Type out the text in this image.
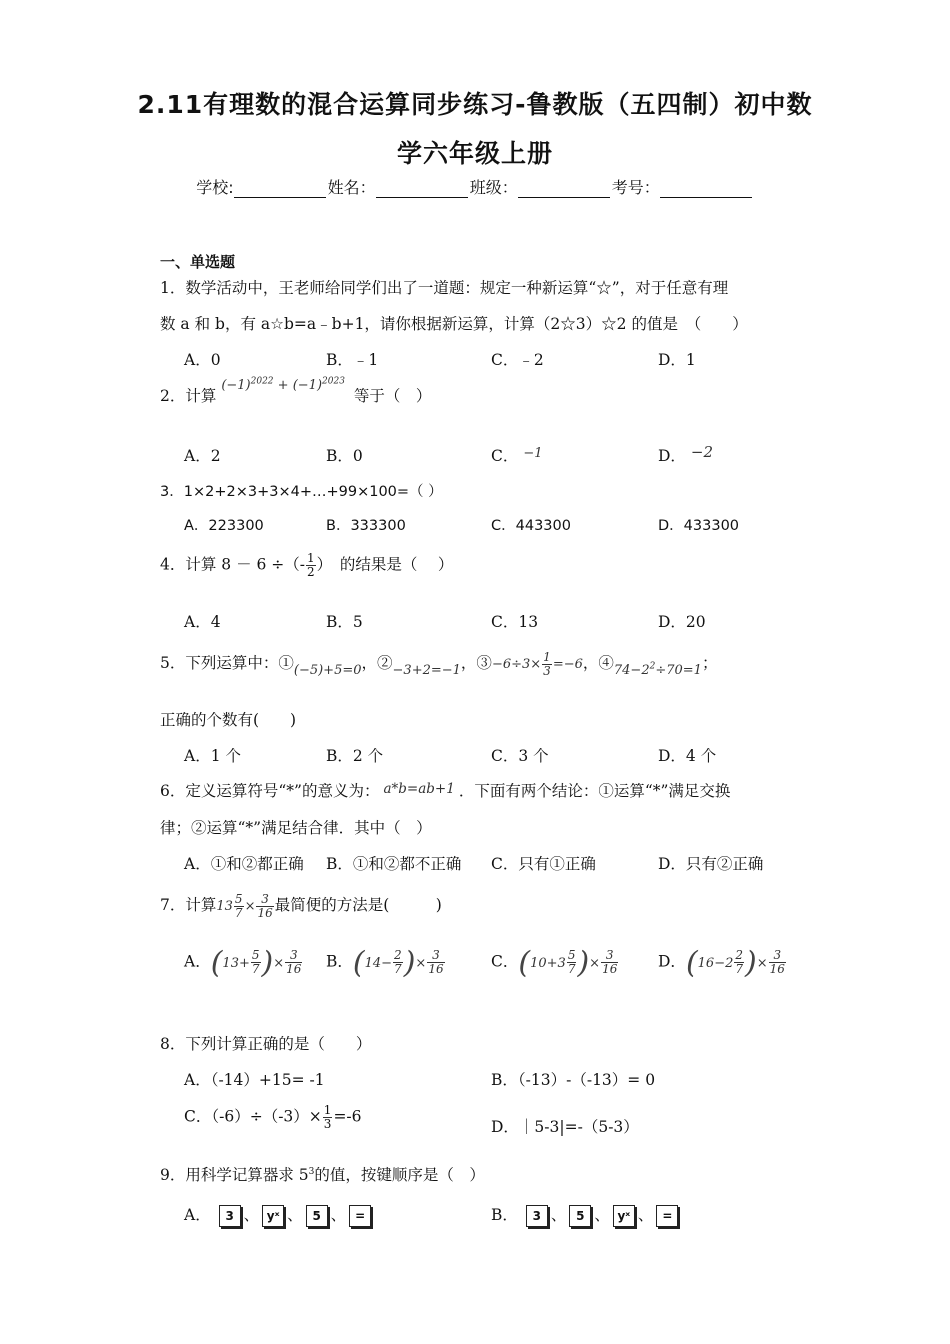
2.11有理数的混合运算同步练习-鲁教版（五四制）初中数
学六年级上册
学校:	姓名：	班级：	考号：
一、单选题
1．数学活动中，王老师给同学们出了一道题：规定一种新运算“☆”，对于任意有理
数 a 和 b，有 a☆b=a﹣b+1，请你根据新运算，计算（2☆3）☆2 的值是　（　　）
A．0	B．﹣1	C．﹣2	D．1
2．计算 $^{(-1)^{2022} + (-1)^{2023}}$ 等于（　）
A．2	B．0	C． $^{-1}$	D． −2
3．1×2+2×3+3×4+…+99×100=（ ）
A．223300	B．333300	C．443300	D．433300
4．计算 8 － 6 ÷（- $\frac{1}{2}$ ）　的结果是（　 ）
A．4	B．5	C．13	D．20
5．下列运算中：$①_{(-5)+5=0}$，$②_{-3+2=-1}$，③−6÷3× $\frac{1}{3} =-6$，$④_{74-2^2\div 70=1}$；
正确的个数有(　　)
A．1 个	B．2 个	C．3 个	D．4 个
6．定义运算符号“*”的意义为： a*b=ab+1 ．下面有两个结论：①运算“*”满足交换
律；②运算“*”满足结合律．其中（　）
A．①和②都正确 B．①和②都不正确 C．只有①正确	D．只有②正确
7．计算$13 \frac{5}{7} \times \frac{3}{16}$ 最简便的方法是(　　　)
A．($13+ \frac{5}{7}$ )× $\frac{3}{16}$ B．($14- \frac{2}{7}$ )× $\frac{3}{16}$	C．($10+3 \frac{5}{7}$ )× $\frac{3}{16}$	D．($16-2 \frac{2}{7}$ )× $\frac{3}{16}$
8．下列计算正确的是（　　）
A．（-14）+15= -1	B．（-13）-（-13）= 0
C．$(-6)\div(-3)\times \frac{1}{3} =-6$
D．｜5-3|=-（5-3）
9．用科学记算器求 $5^3$的值，按键顺序是（　）
A． 3 、 yˣ 、 5 、 =	B． 3 、 5 、 yˣ 、 =
